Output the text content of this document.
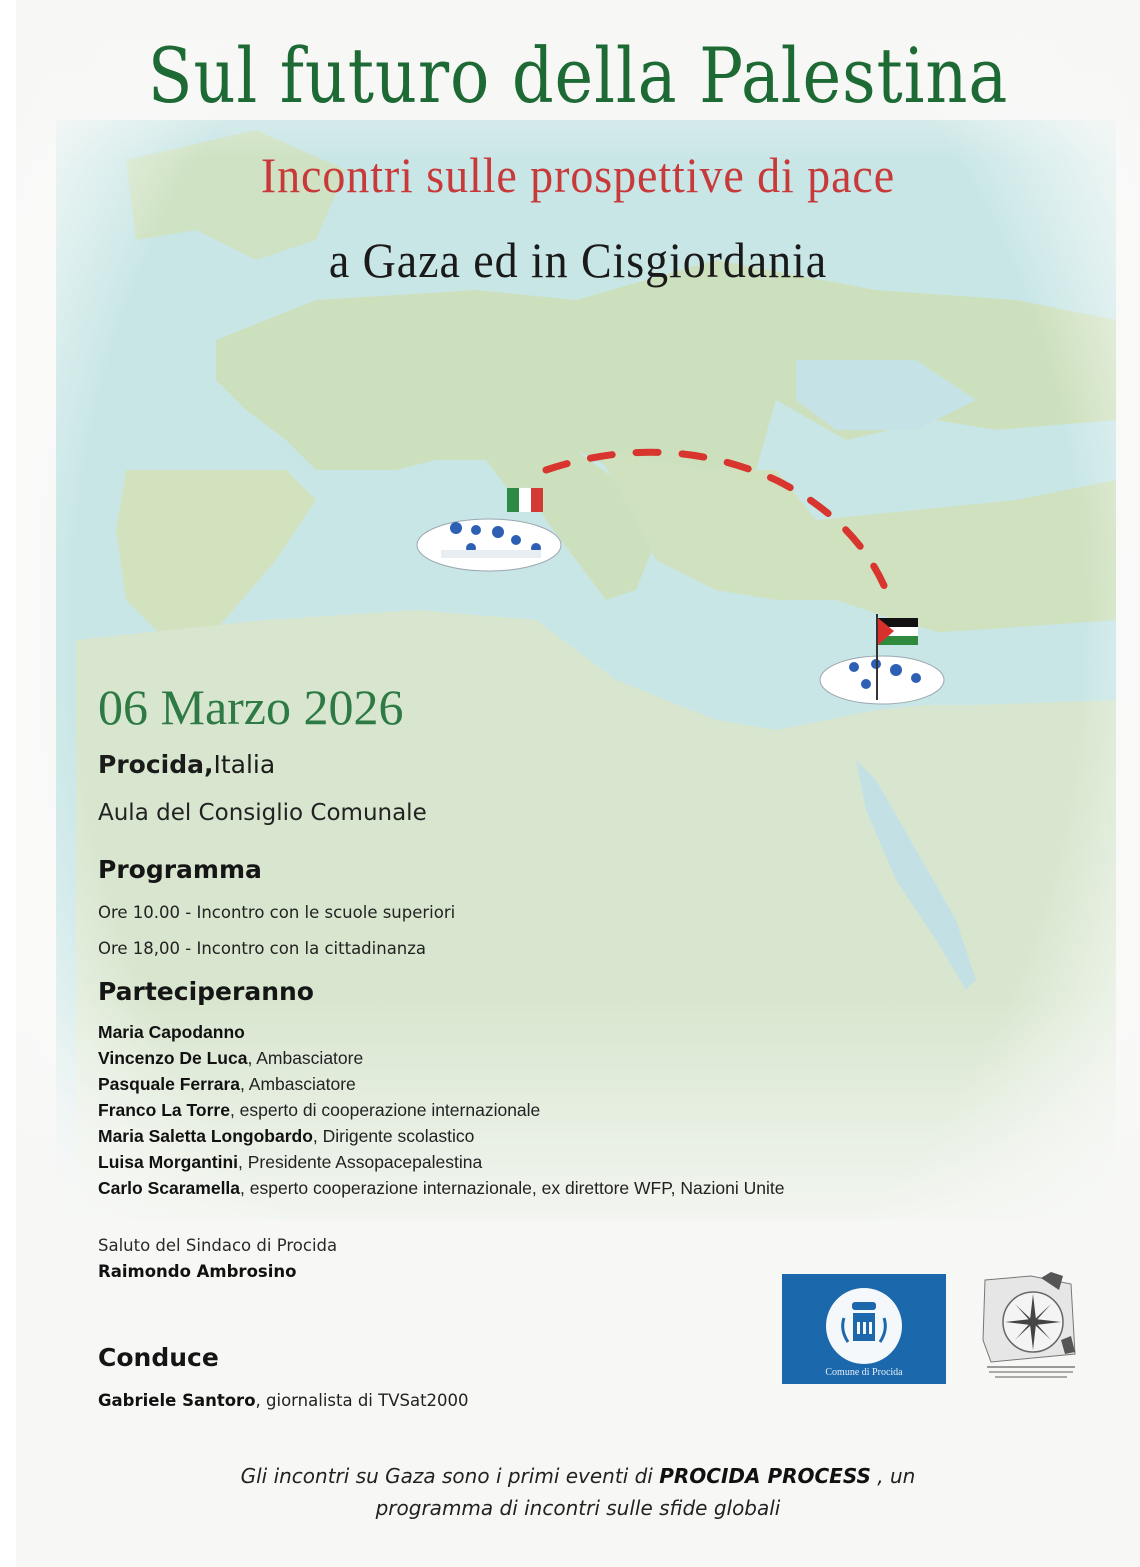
Sul futuro della Palestina
Incontri sulle prospettive di pace
a Gaza ed in Cisgiordania
06 Marzo 2026
Procida,Italia
Aula del Consiglio Comunale
Programma
Ore 10.00 - Incontro con le scuole superiori
Ore 18,00 - Incontro con la cittadinanza
Parteciperanno
Maria Capodanno
Vincenzo De Luca, Ambasciatore
Pasquale Ferrara, Ambasciatore
Franco La Torre, esperto di cooperazione internazionale
Maria Saletta Longobardo, Dirigente scolastico
Luisa Morgantini, Presidente Assopacepalestina
Carlo Scaramella, esperto cooperazione internazionale, ex direttore WFP, Nazioni Unite
Saluto del Sindaco di Procida
Raimondo Ambrosino
Conduce
Gabriele Santoro, giornalista di TVSat2000
Comune di Procida
Gli incontri su Gaza sono i primi eventi di PROCIDA PROCESS , un
programma di incontri sulle sfide globali
